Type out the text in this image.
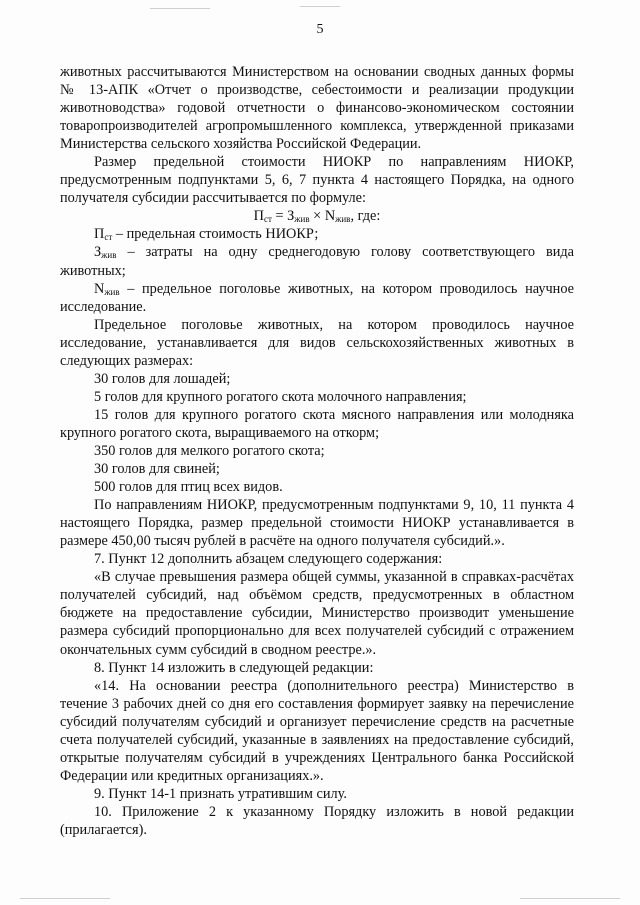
5

животных рассчитываются Министерством на основании сводных данных формы № 13-АПК «Отчет о производстве, себестоимости и реализации продукции животноводства» годовой отчетности о финансово-экономическом состоянии товаропроизводителей агропромышленного комплекса, утвержденной приказами Министерства сельского хозяйства Российской Федерации.

Размер предельной стоимости НИОКР по направлениям НИОКР, предусмотренным подпунктами 5, 6, 7 пункта 4 настоящего Порядка, на одного получателя субсидии рассчитывается по формуле:

$П_{ст} = З_{жив} \times N_{жив}$, где:

$П_{ст}$ – предельная стоимость НИОКР;

$З_{жив}$ – затраты на одну среднегодовую голову соответствующего вида животных;

$N_{жив}$ – предельное поголовье животных, на котором проводилось научное исследование.

Предельное поголовье животных, на котором проводилось научное исследование, устанавливается для видов сельскохозяйственных животных в следующих размерах:

30 голов для лошадей;

5 голов для крупного рогатого скота молочного направления;

15 голов для крупного рогатого скота мясного направления или молодняка крупного рогатого скота, выращиваемого на откорм;

350 голов для мелкого рогатого скота;

30 голов для свиней;

500 голов для птиц всех видов.

По направлениям НИОКР, предусмотренным подпунктами 9, 10, 11 пункта 4 настоящего Порядка, размер предельной стоимости НИОКР устанавливается в размере 450,00 тысяч рублей в расчёте на одного получателя субсидий.».

7. Пункт 12 дополнить абзацем следующего содержания:

«В случае превышения размера общей суммы, указанной в справках-расчётах получателей субсидий, над объёмом средств, предусмотренных в областном бюджете на предоставление субсидии, Министерство производит уменьшение размера субсидий пропорционально для всех получателей субсидий с отражением окончательных сумм субсидий в сводном реестре.».

8. Пункт 14 изложить в следующей редакции:

«14. На основании реестра (дополнительного реестра) Министерство в течение 3 рабочих дней со дня его составления формирует заявку на перечисление субсидий получателям субсидий и организует перечисление средств на расчетные счета получателей субсидий, указанные в заявлениях на предоставление субсидий, открытые получателям субсидий в учреждениях Центрального банка Российской Федерации или кредитных организациях.».

9. Пункт 14-1 признать утратившим силу.

10. Приложение 2 к указанному Порядку изложить в новой редакции (прилагается).
